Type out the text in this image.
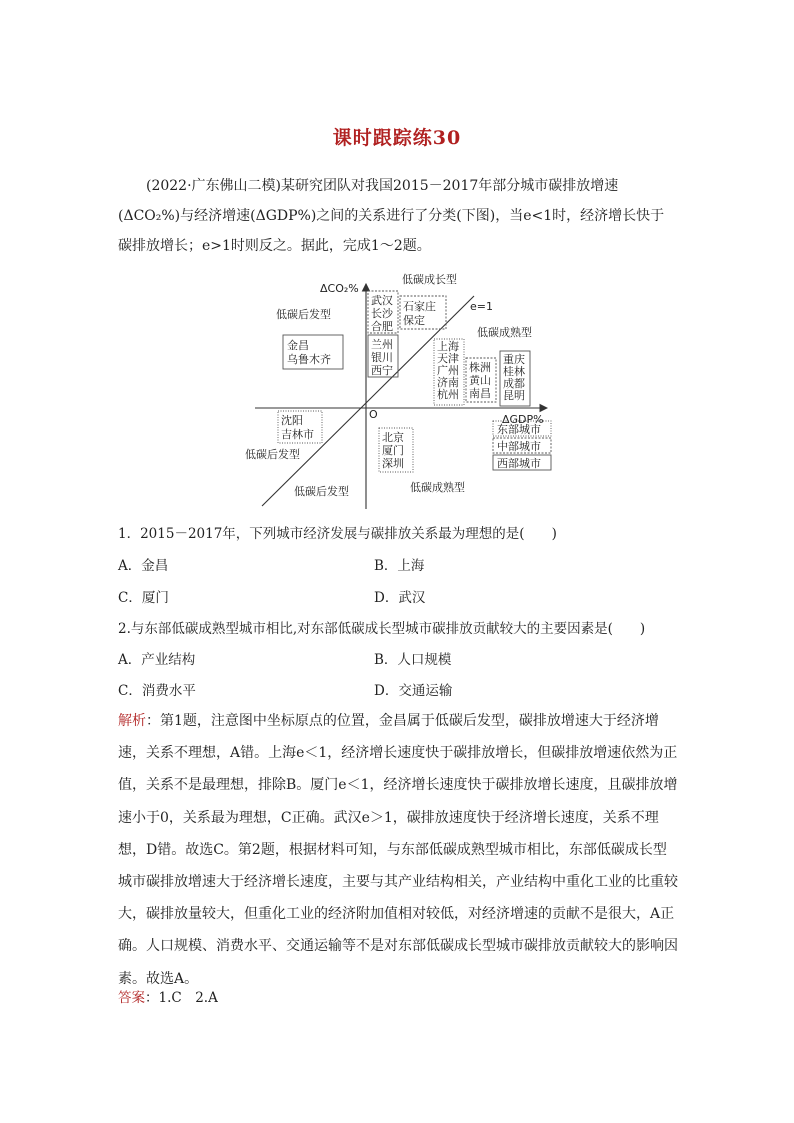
课时跟踪练30

(2022·广东佛山二模)某研究团队对我国2015－2017年部分城市碳排放增速(ΔCO₂%)与经济增速(ΔGDP%)之间的关系进行了分类(下图)，当e<1时，经济增长快于碳排放增长；e>1时则反之。据此，完成1～2题。

ΔCO₂%
ΔGDP%
O
e=1
低碳成长型
低碳后发型
低碳成熟型
低碳后发型
低碳后发型	低碳成熟型
武汉
长沙
合肥
石家庄
保定
兰州
银川
西宁
金昌
乌鲁木齐
上海
天津
广州
济南
杭州
株洲
黄山
南昌
重庆
桂林
成都
昆明
沈阳
吉林市	北京
厦门
深圳
东部城市
中部城市
西部城市

1．2015－2017年，下列城市经济发展与碳排放关系最为理想的是(　　)

A．金昌	B．上海

C．厦门	D．武汉

2.与东部低碳成熟型城市相比,对东部低碳成长型城市碳排放贡献较大的主要因素是(　　)

A．产业结构	B．人口规模

C．消费水平	D．交通运输

解析：第1题，注意图中坐标原点的位置，金昌属于低碳后发型，碳排放增速大于经济增速，关系不理想，A错。上海e＜1，经济增长速度快于碳排放增长，但碳排放增速依然为正值，关系不是最理想，排除B。厦门e＜1，经济增长速度快于碳排放增长速度，且碳排放增速小于0，关系最为理想，C正确。武汉e＞1，碳排放速度快于经济增长速度，关系不理想，D错。故选C。第2题，根据材料可知，与东部低碳成熟型城市相比，东部低碳成长型城市碳排放增速大于经济增长速度，主要与其产业结构相关，产业结构中重化工业的比重较大，碳排放量较大，但重化工业的经济附加值相对较低，对经济增速的贡献不是很大，A正确。人口规模、消费水平、交通运输等不是对东部低碳成长型城市碳排放贡献较大的影响因素。故选A。

答案：1.C　2.A
